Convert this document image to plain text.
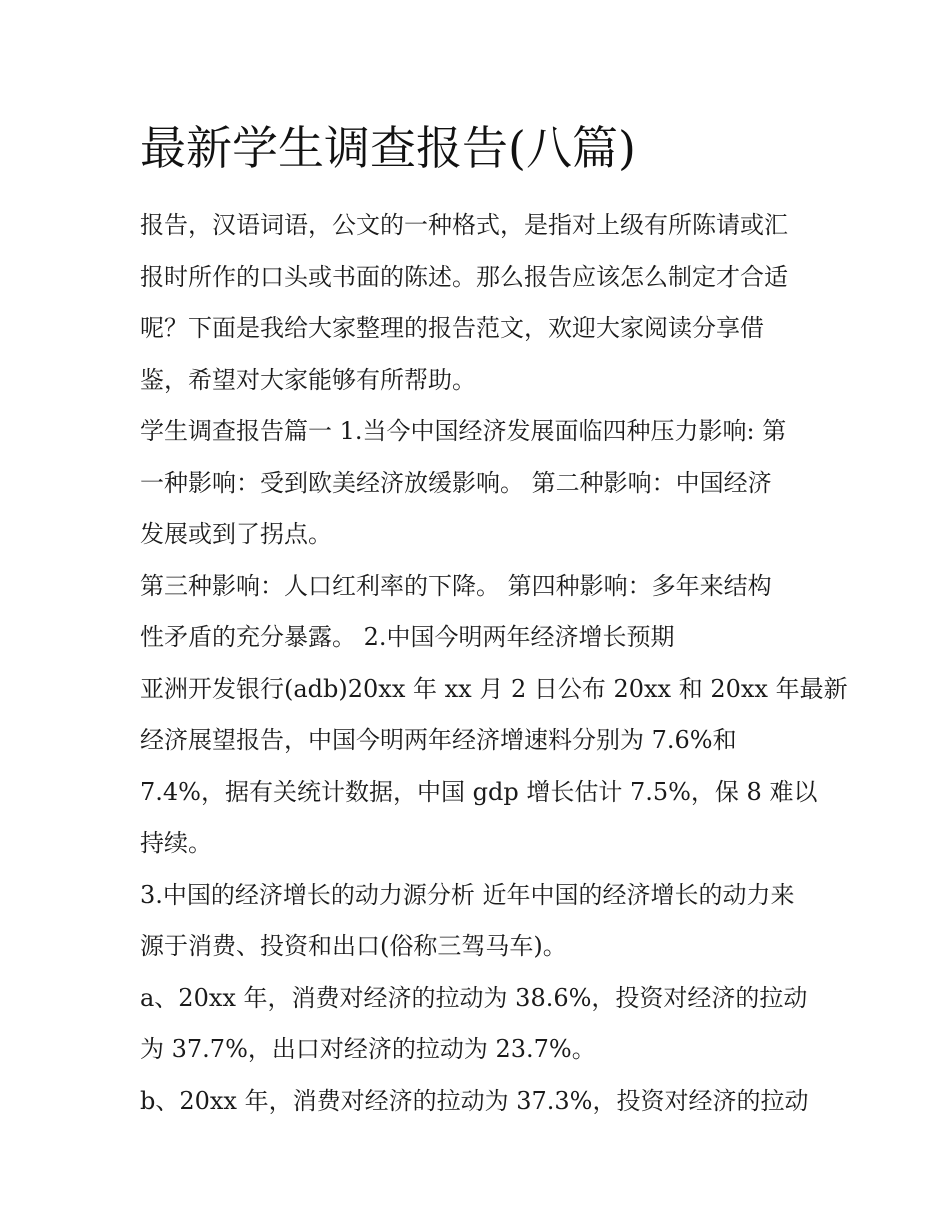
最新学生调查报告(八篇)
报告，汉语词语，公文的一种格式，是指对上级有所陈请或汇
报时所作的口头或书面的陈述。那么报告应该怎么制定才合适
呢？下面是我给大家整理的报告范文，欢迎大家阅读分享借
鉴，希望对大家能够有所帮助。
学生调查报告篇一 1.当今中国经济发展面临四种压力影响: 第
一种影响：受到欧美经济放缓影响。 第二种影响：中国经济
发展或到了拐点。
第三种影响：人口红利率的下降。 第四种影响：多年来结构
性矛盾的充分暴露。 2.中国今明两年经济增长预期
亚洲开发银行(adb)20xx 年 xx 月 2 日公布 20xx 和 20xx 年最新
经济展望报告，中国今明两年经济增速料分别为 7.6%和
7.4%，据有关统计数据，中国 gdp 增长估计 7.5%，保 8 难以
持续。
3.中国的经济增长的动力源分析 近年中国的经济增长的动力来
源于消费、投资和出口(俗称三驾马车)。
a、20xx 年，消费对经济的拉动为 38.6%，投资对经济的拉动
为 37.7%，出口对经济的拉动为 23.7%。
b、20xx 年，消费对经济的拉动为 37.3%，投资对经济的拉动
